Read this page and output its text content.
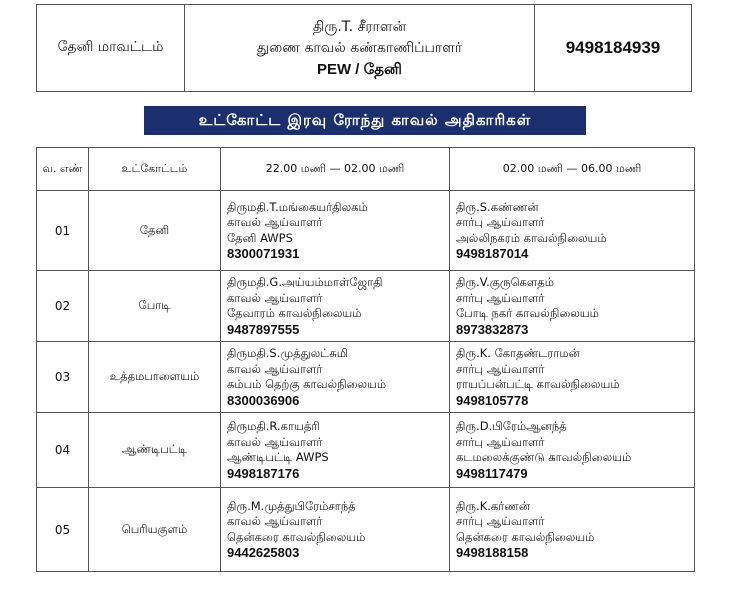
தேனி மாவட்டம்
திரு.T. சீராளன்
துணை காவல் கண்காணிப்பாளர்
PEW / தேனி
9498184939
உட்கோட்ட இரவு ரோந்து காவல் அதிகாரிகள்
வ. எண்	உட்கோட்டம்	22.00 மணி — 02.00 மணி	02.00 மணி — 06.00 மணி
01	தேனி	திருமதி.T.மங்கையர்திலகம்
காவல் ஆய்வாளர்
தேனி AWPS
8300071931	திரு.S.கண்ணன்
சார்பு ஆய்வாளர்
அல்லிநகரம் காவல்நிலையம்
9498187014

02	போடி	திருமதி.G.அய்யம்மாள்ஜோதி
காவல் ஆய்வாளர்
தேவாரம் காவல்நிலையம்
9487897555	திரு.V.குருகௌதம்
சார்பு ஆய்வாளர்
போடி நகர் காவல்நிலையம்
8973832873

03	உத்தமபாளையம்	திருமதி.S.முத்துலட்சுமி
காவல் ஆய்வாளர்
கம்பம் தெற்கு காவல்நிலையம்
8300036906	திரு.K. கோதண்டராமன்
சார்பு ஆய்வாளர்
ராயப்பன்பட்டி காவல்நிலையம்
9498105778

04	ஆண்டிபட்டி	திருமதி.R.காயத்ரி
காவல் ஆய்வாளர்
ஆண்டிபட்டி AWPS
9498187176	திரு.D.பிரேம்ஆனந்த்
சார்பு ஆய்வாளர்
கடமலைக்குண்டு காவல்நிலையம்
9498117479

05	பெரியகுளம்	திரு.M.முத்துபிரேம்சாந்த்
காவல் ஆய்வாளர்
தென்கரை காவல்நிலையம்
9442625803	திரு.K.கர்ணன்
சார்பு ஆய்வாளர்
தென்கரை காவல்நிலையம்
9498188158
